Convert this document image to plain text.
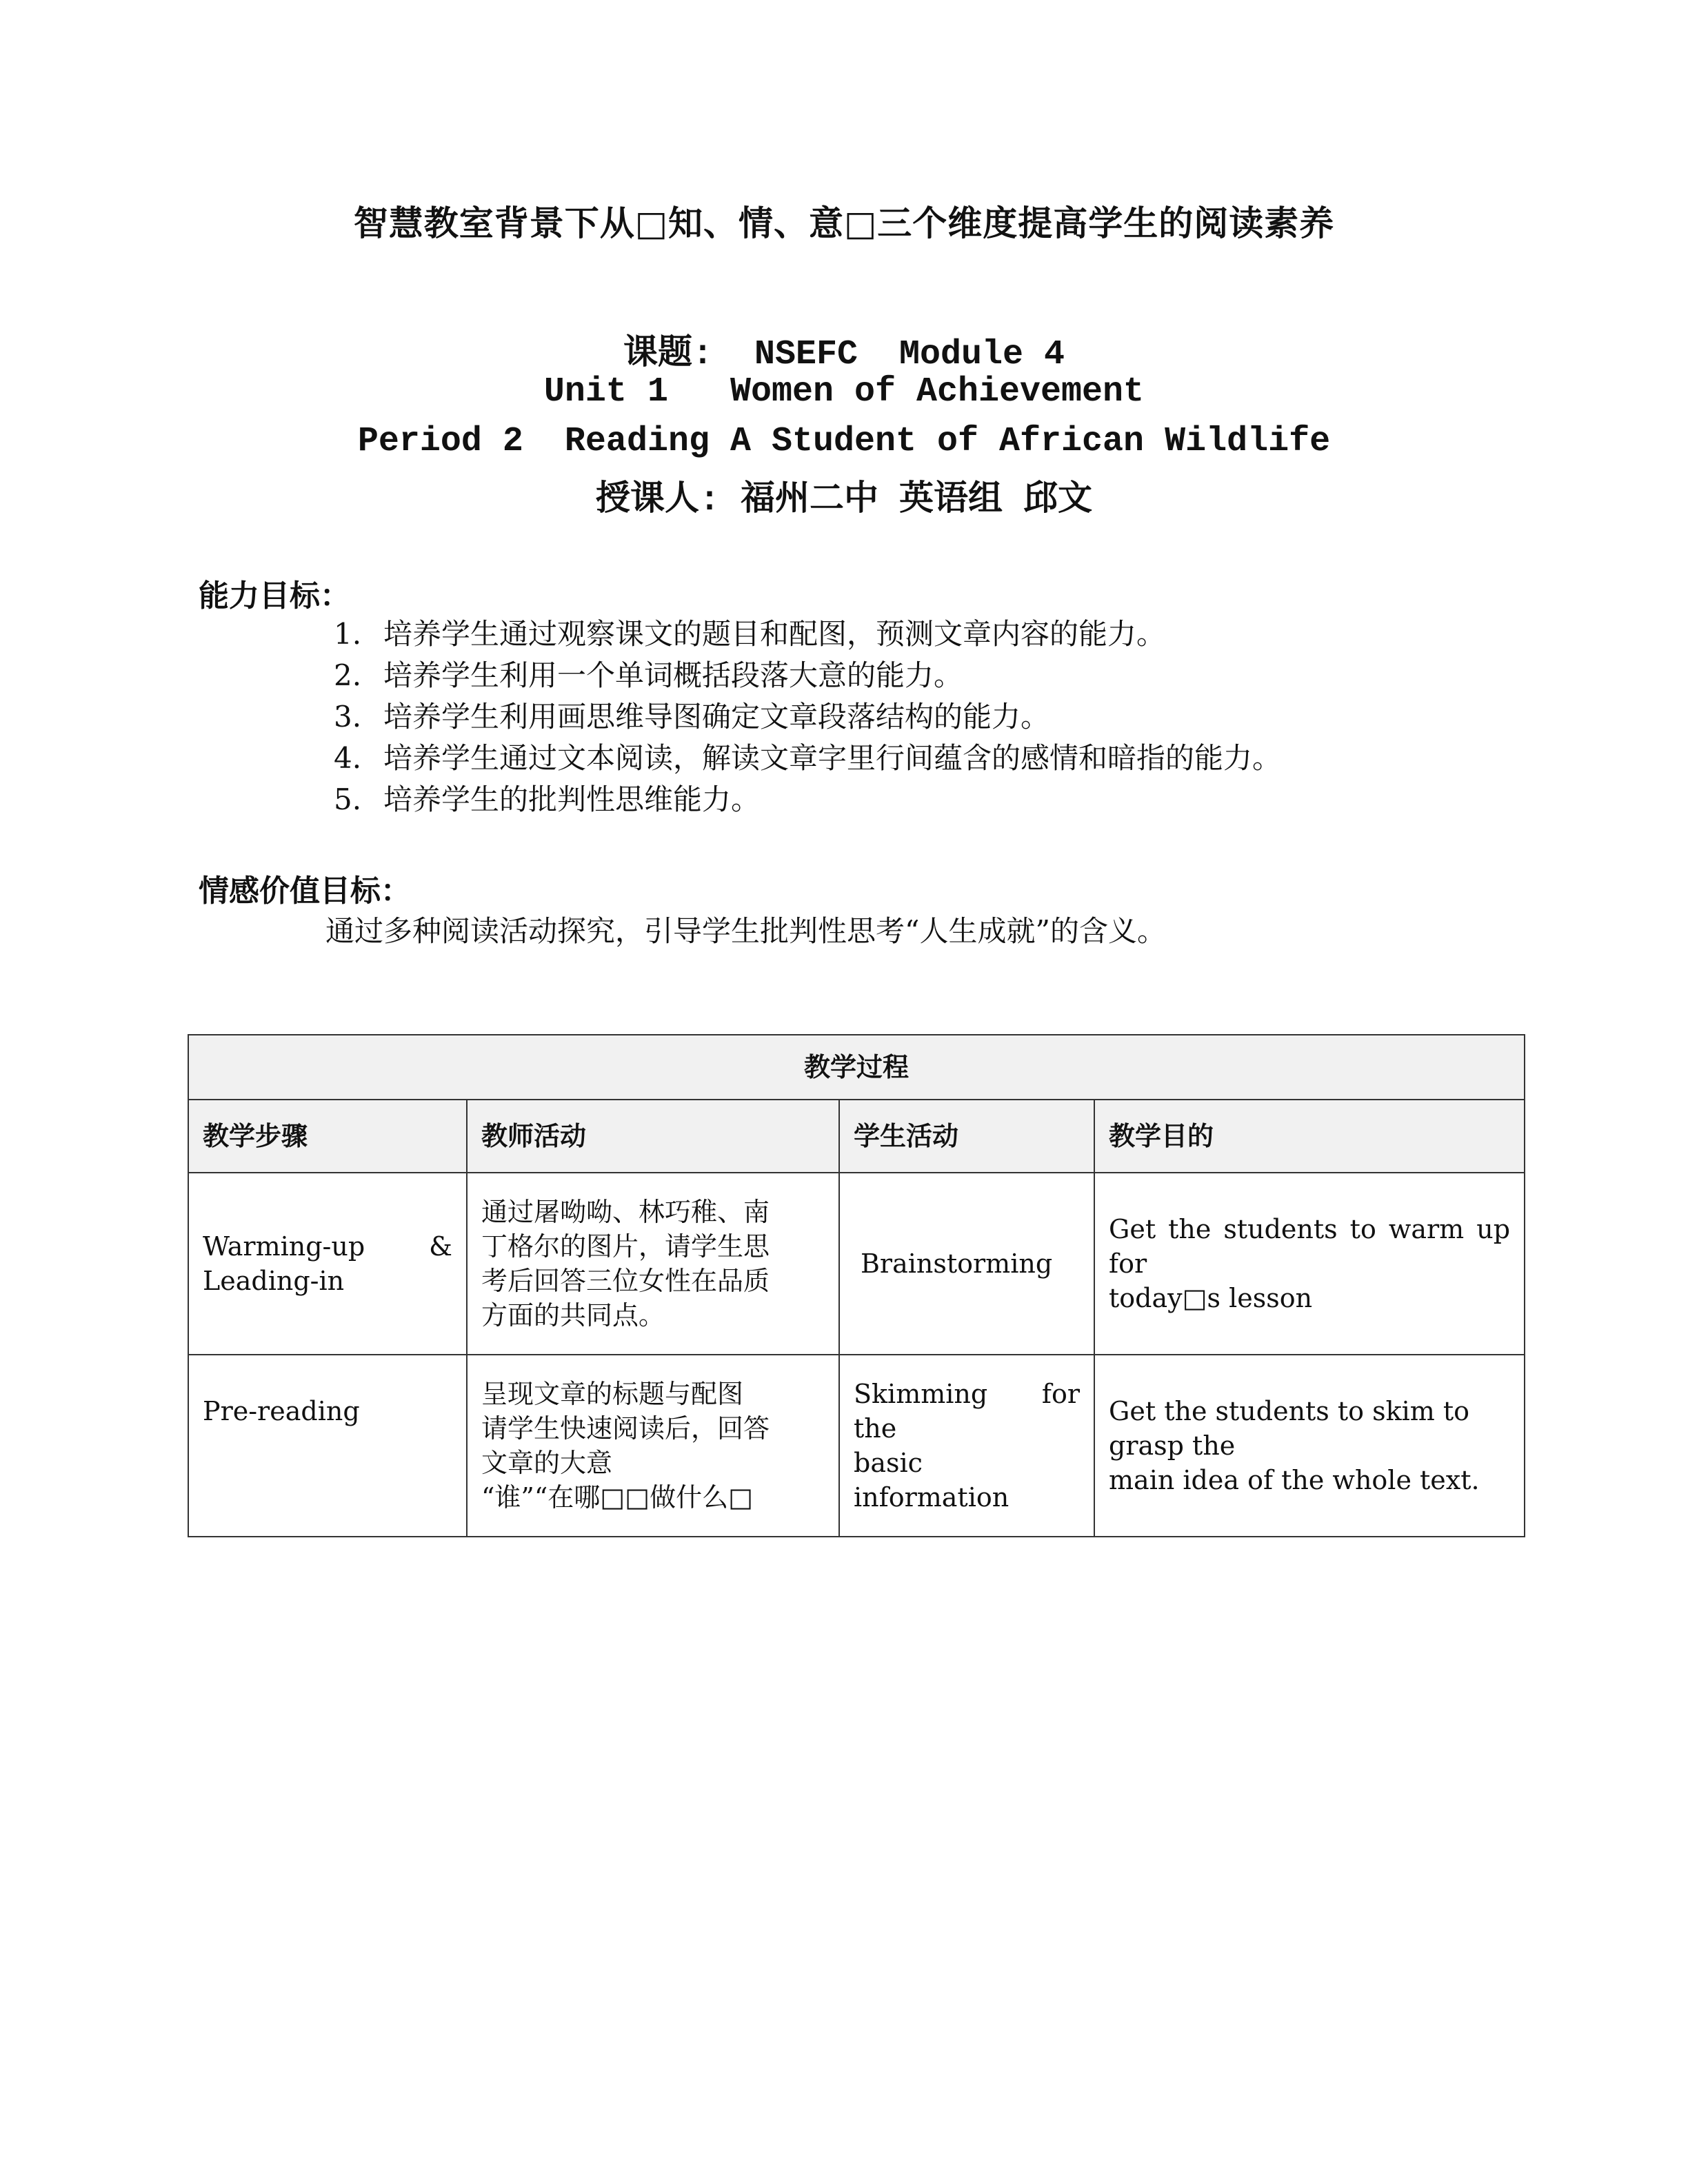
智慧教室背景下从□知、情、意□三个维度提高学生的阅读素养
课题:  NSEFC  Module 4
Unit 1   Women of Achievement
Period 2  Reading A Student of African Wildlife
授课人: 福州二中 英语组 邱文
能力目标：
1. 培养学生通过观察课文的题目和配图，预测文章内容的能力。
2. 培养学生利用一个单词概括段落大意的能力。
3. 培养学生利用画思维导图确定文章段落结构的能力。
4. 培养学生通过文本阅读，解读文章字里行间蕴含的感情和暗指的能力。
5. 培养学生的批判性思维能力。
情感价值目标：
通过多种阅读活动探究，引导学生批判性思考“人生成就”的含义。
教学过程			
教学步骤	教师活动	学生活动	教学目的

Warming-up &
Leading-in	通过屠呦呦、林巧稚、南
丁格尔的图片，请学生思
考后回答三位女性在品质
方面的共同点。	Brainstorming	Get the students to warm up for
today□s lesson

Pre-reading	呈现文章的标题与配图
请学生快速阅读后，回答
文章的大意
“谁”“在哪□□做什么□	Skimming for the
basic information	Get the students to skim to grasp the
main idea of the whole text.
